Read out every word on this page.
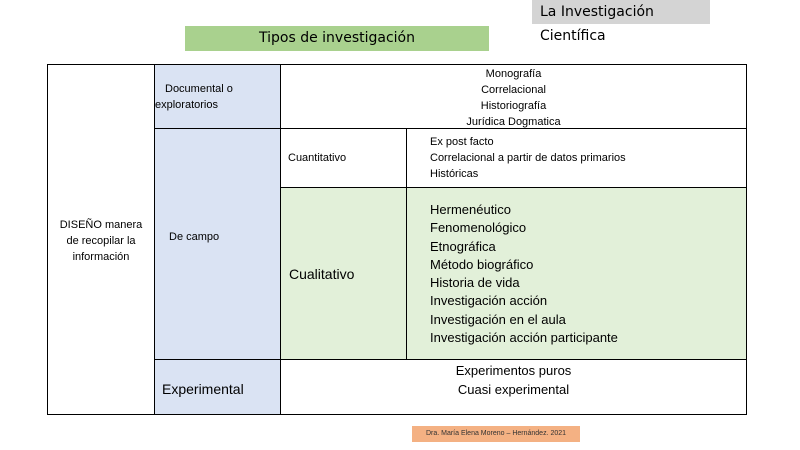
La Investigación Científica
Tipos de investigación
DISEÑO manera
de recopilar la
información
Documental o
exploratorios
Monografía
Correlacional
Historiografía
Jurídica Dogmatica
De campo
Cuantitativo
Ex post facto
Correlacional a partir de datos primarios
Históricas
Cualitativo
Hermenéutico
Fenomenológico
Etnográfica
Método biográfico
Historia de vida
Investigación acción
Investigación en el aula
Investigación acción participante
Experimental
Experimentos puros
Cuasi experimental
Dra. María Elena Moreno – Hernández. 2021
